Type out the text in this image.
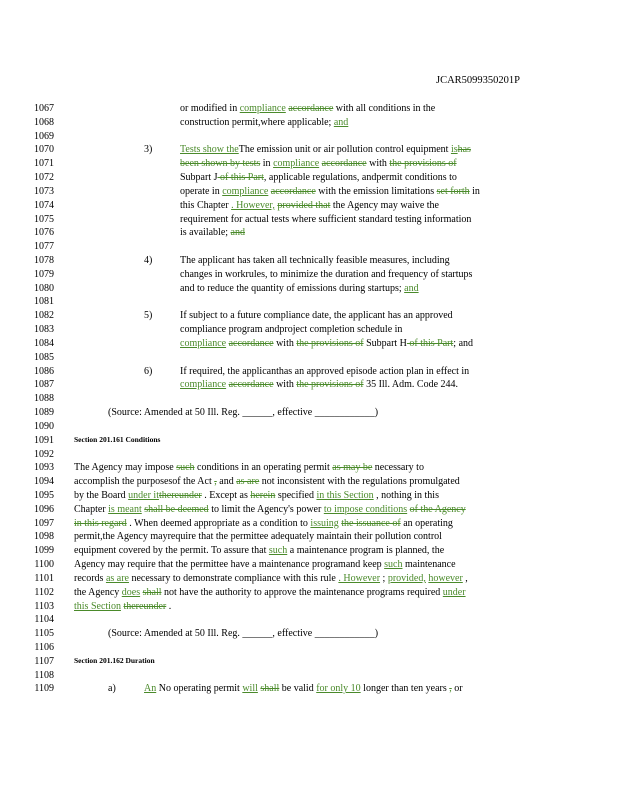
JCAR5099350201P
1067
1068
1069
1070
1071
1072
1073
1074
1075
1076
1077
1078
1079
1080
1081
1082
1083
1084
1085
1086
1087
1088
1089
1090
1091
1092
1093
1094
1095
1096
1097
1098
1099
1100
1101
1102
1103
1104
1105
1106
1107
1108
1109
or modified in compliance accordance with all conditions in the
construction permit,where applicable; and
3)	Tests show theThe emission unit or air pollution control equipment ishas
been shown by tests in compliance accordance with the provisions of
Subpart J of this Part, applicable regulations, andpermit conditions to
operate in compliance accordance with the emission limitations set forth in
this Chapter . However, provided that the Agency may waive the
requirement for actual tests where sufficient standard testing information
is available; and
4)	The applicant has taken all technically feasible measures, including
changes in workrules, to minimize the duration and frequency of startups
and to reduce the quantity of emissions during startups; and
5)	If subject to a future compliance date, the applicant has an approved
compliance program andproject completion schedule in
compliance accordance with the provisions of Subpart H of this Part; and
6)	If required, the applicanthas an approved episode action plan in effect in
compliance accordance with the provisions of 35 Ill. Adm. Code 244.
(Source: Amended at 50 Ill. Reg. ______, effective ____________)
Section 201.161 Conditions
The Agency may impose such conditions in an operating permit as may be necessary to
accomplish the purposesof the Act , and as are not inconsistent with the regulations promulgated
by the Board under itthereunder . Except as herein specified in this Section , nothing in this
Chapter is meant shall be deemed to limit the Agency's power to impose conditions of the Agency
in this regard . When deemed appropriate as a condition to issuing the issuance of an operating
permit,the Agency mayrequire that the permittee adequately maintain their pollution control
equipment covered by the permit. To assure that such a maintenance program is planned, the
Agency may require that the permittee have a maintenance programand keep such maintenance
records as are necessary to demonstrate compliance with this rule . However ; provided, however ,
the Agency does shall not have the authority to approve the maintenance programs required under
this Section thereunder .
(Source: Amended at 50 Ill. Reg. ______, effective ____________)
Section 201.162 Duration
a)	An No operating permit will shall be valid for only 10 longer than ten years , or
